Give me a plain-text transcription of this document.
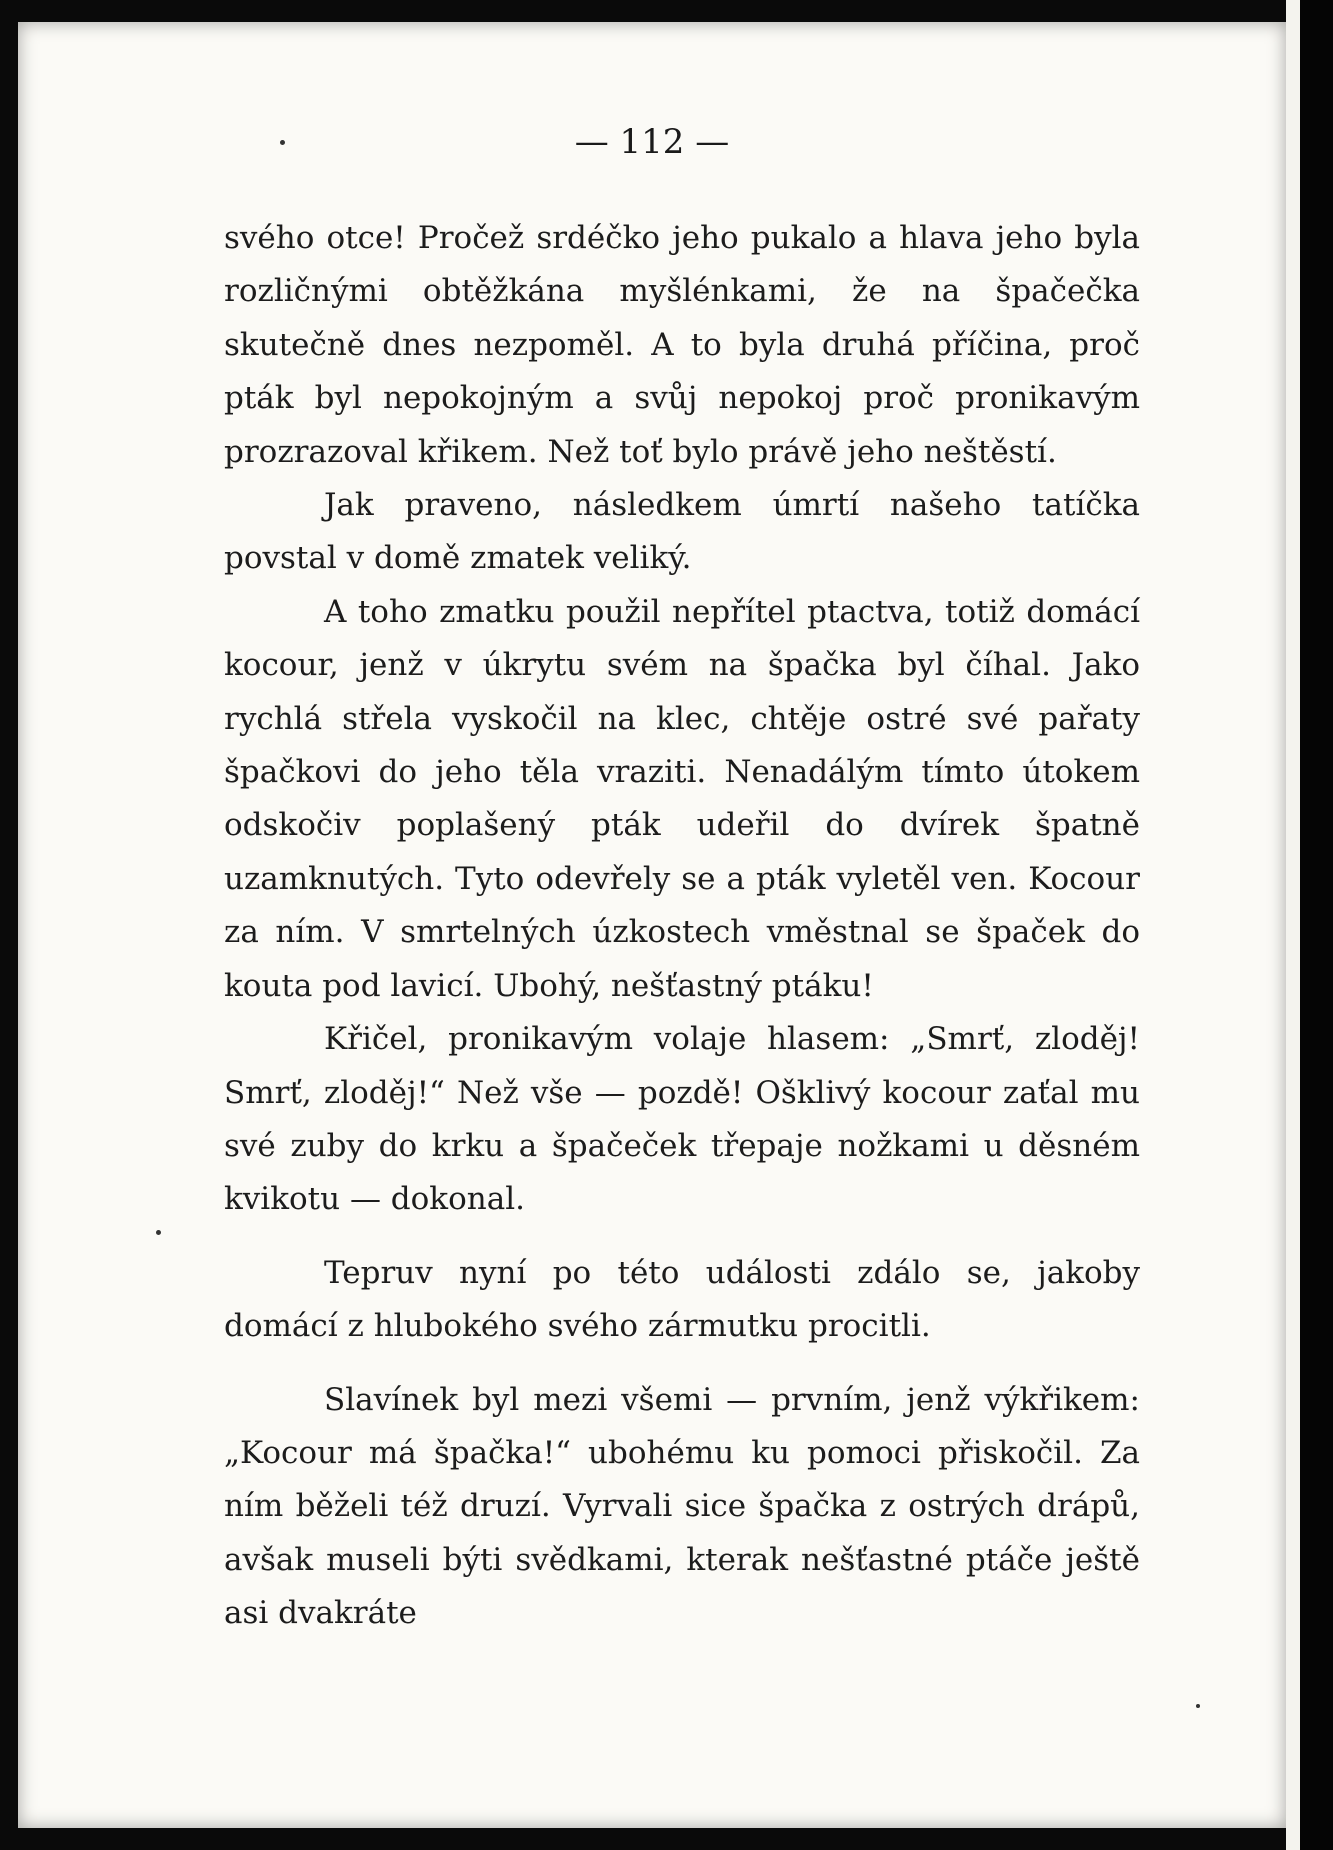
— 112 —

svého otce! Pročež srdéčko jeho pukalo a hlava jeho byla rozličnými obtěžkána myšlénkami, že na špačečka skutečně dnes nezpoměl. A to byla druhá příčina, proč pták byl nepokojným a svůj nepokoj proč pronikavým prozrazoval křikem. Než toť bylo právě jeho neštěstí.

Jak praveno, následkem úmrtí našeho tatíčka povstal v domě zmatek veliký.

A toho zmatku použil nepřítel ptactva, totiž domácí kocour, jenž v úkrytu svém na špačka byl číhal. Jako rychlá střela vyskočil na klec, chtěje ostré své pařaty špačkovi do jeho těla vraziti. Nenadálým tímto útokem odskočiv poplašený pták udeřil do dvírek špatně uzamknutých. Tyto odevřely se a pták vyletěl ven. Kocour za ním. V smrtelných úzkostech vměstnal se špaček do kouta pod lavicí. Ubohý, nešťastný ptáku!

Křičel, pronikavým volaje hlasem: „Smrť, zloděj! Smrť, zloděj!“ Než vše — pozdě! Ošklivý kocour zaťal mu své zuby do krku a špačeček třepaje nožkami u děsném kvikotu — dokonal.

Tepruv nyní po této události zdálo se, jakoby domácí z hlubokého svého zármutku procitli.

Slavínek byl mezi všemi — prvním, jenž výkřikem: „Kocour má špačka!“ ubohému ku pomoci přiskočil. Za ním běželi též druzí. Vyrvali sice špačka z ostrých drápů, avšak museli býti svědkami, kterak nešťastné ptáče ještě asi dvakráte
